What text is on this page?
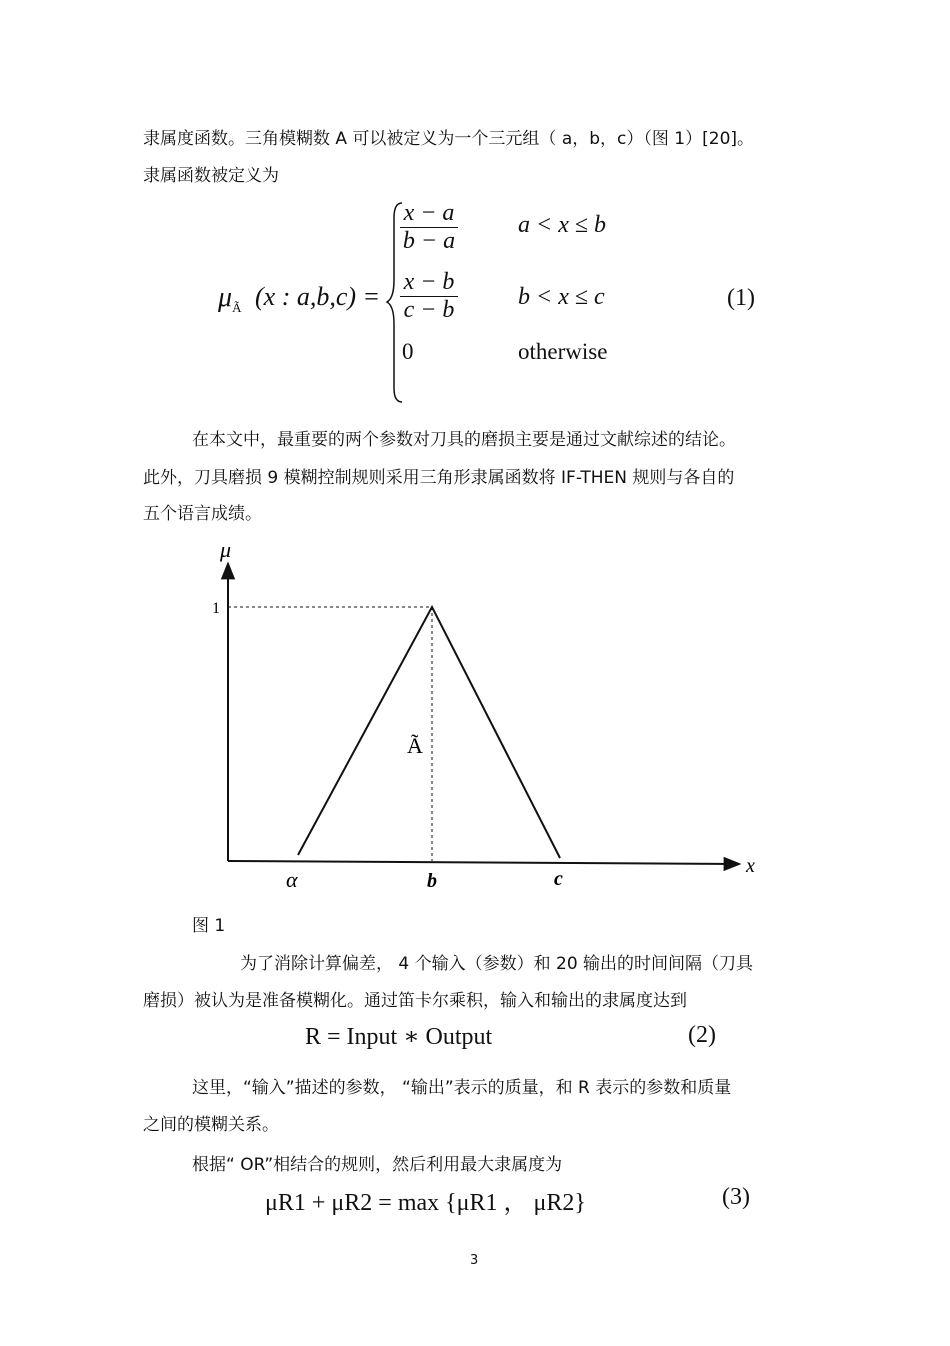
隶属度函数。三角模糊数 A 可以被定义为一个三元组（ a，b，c）（图 1）[20]。
隶属函数被定义为
$\mu_Ã$ (x : a,b,c) =
$\frac{x - a}{b - a}$	a < x ≤ b
$\frac{x - b}{c - b}$	b < x ≤ c
0	otherwise
(1)
在本文中，最重要的两个参数对刀具的磨损主要是通过文献综述的结论。
此外，刀具磨损 9 模糊控制规则采用三角形隶属函数将 IF-THEN 规则与各自的
五个语言成绩。
μ
1
Ã
α	b	c
x
图 1
为了消除计算偏差， 4 个输入（参数）和 20 输出的时间间隔（刀具
磨损）被认为是准备模糊化。通过笛卡尔乘积，输入和输出的隶属度达到
R = Input ∗ Output	(2)
这里，“输入”描述的参数， “输出”表示的质量，和 R 表示的参数和质量
之间的模糊关系。
根据“ OR”相结合的规则，然后利用最大隶属度为
μR1 + μR2 = max {μR1 ， μR2}	(3)
3
